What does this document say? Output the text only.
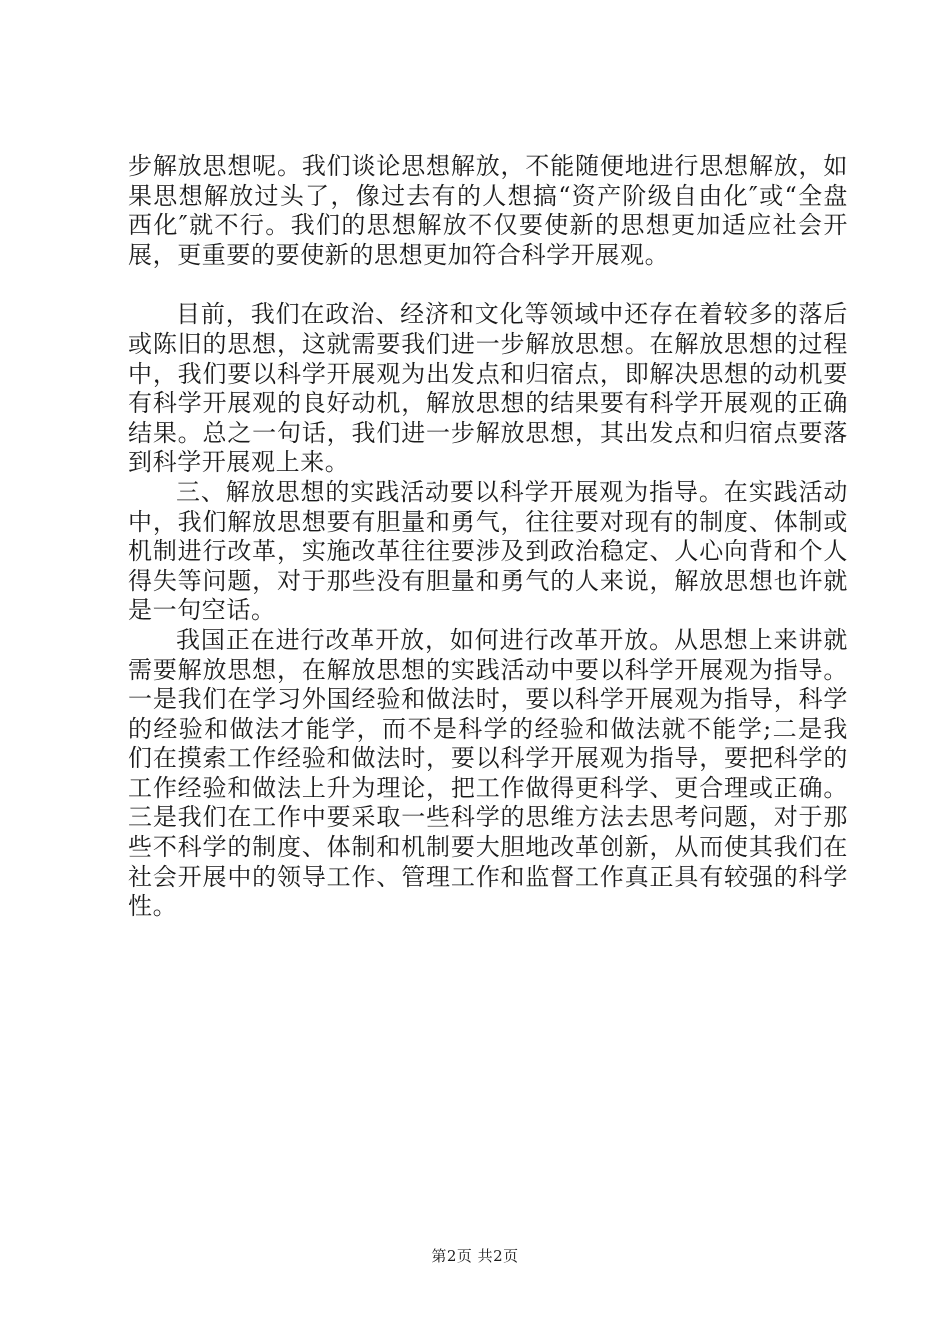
步解放思想呢。我们谈论思想解放，不能随便地进行思想解放，如果思想解放过头了，像过去有的人想搞“资产阶级自由化″或“全盘西化″就不行。我们的思想解放不仅要使新的思想更加适应社会开展，更重要的要使新的思想更加符合科学开展观。

目前，我们在政治、经济和文化等领域中还存在着较多的落后或陈旧的思想，这就需要我们进一步解放思想。在解放思想的过程中，我们要以科学开展观为出发点和归宿点，即解决思想的动机要有科学开展观的良好动机，解放思想的结果要有科学开展观的正确结果。总之一句话，我们进一步解放思想，其出发点和归宿点要落到科学开展观上来。

三、解放思想的实践活动要以科学开展观为指导。在实践活动中，我们解放思想要有胆量和勇气，往往要对现有的制度、体制或机制进行改革，实施改革往往要涉及到政治稳定、人心向背和个人得失等问题，对于那些没有胆量和勇气的人来说，解放思想也许就是一句空话。

我国正在进行改革开放，如何进行改革开放。从思想上来讲就需要解放思想，在解放思想的实践活动中要以科学开展观为指导。一是我们在学习外国经验和做法时，要以科学开展观为指导，科学的经验和做法才能学，而不是科学的经验和做法就不能学;二是我们在摸索工作经验和做法时，要以科学开展观为指导，要把科学的工作经验和做法上升为理论，把工作做得更科学、更合理或正确。三是我们在工作中要采取一些科学的思维方法去思考问题，对于那些不科学的制度、体制和机制要大胆地改革创新，从而使其我们在社会开展中的领导工作、管理工作和监督工作真正具有较强的科学性。

第2页 共2页
